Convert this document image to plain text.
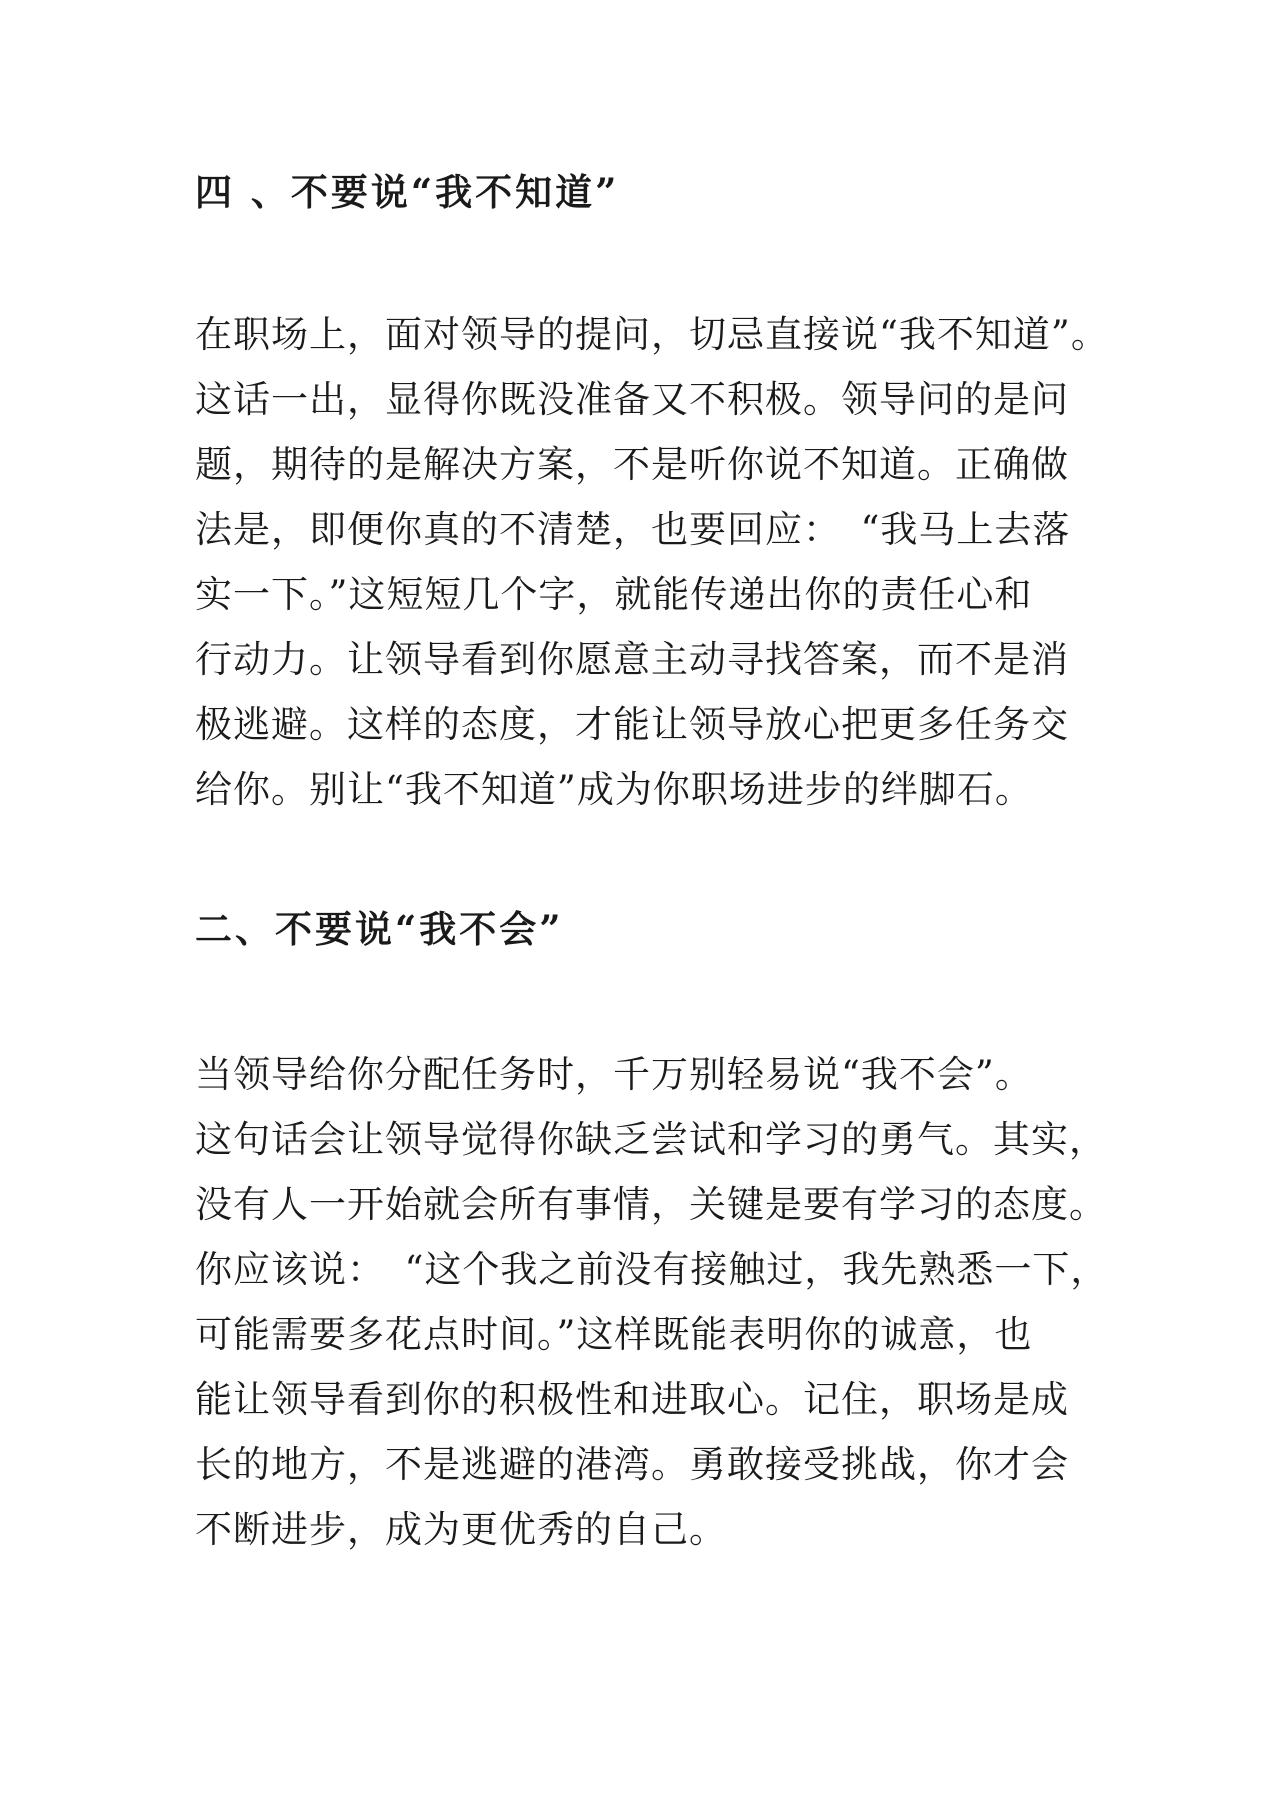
四 、不要说“我不知道”

在职场上，面对领导的提问，切忌直接说“我不知道”。
这话一出，显得你既没准备又不积极。领导问的是问
题，期待的是解决方案，不是听你说不知道。正确做
法是，即便你真的不清楚，也要回应：　“我马上去落
实一下。”这短短几个字，就能传递出你的责任心和
行动力。让领导看到你愿意主动寻找答案，而不是消
极逃避。这样的态度，才能让领导放心把更多任务交
给你。别让“我不知道”成为你职场进步的绊脚石。

二、不要说“我不会”

当领导给你分配任务时，千万别轻易说“我不会”。
这句话会让领导觉得你缺乏尝试和学习的勇气。其实，
没有人一开始就会所有事情，关键是要有学习的态度。
你应该说：　“这个我之前没有接触过，我先熟悉一下，
可能需要多花点时间。”这样既能表明你的诚意，也
能让领导看到你的积极性和进取心。记住，职场是成
长的地方，不是逃避的港湾。勇敢接受挑战，你才会
不断进步，成为更优秀的自己。
